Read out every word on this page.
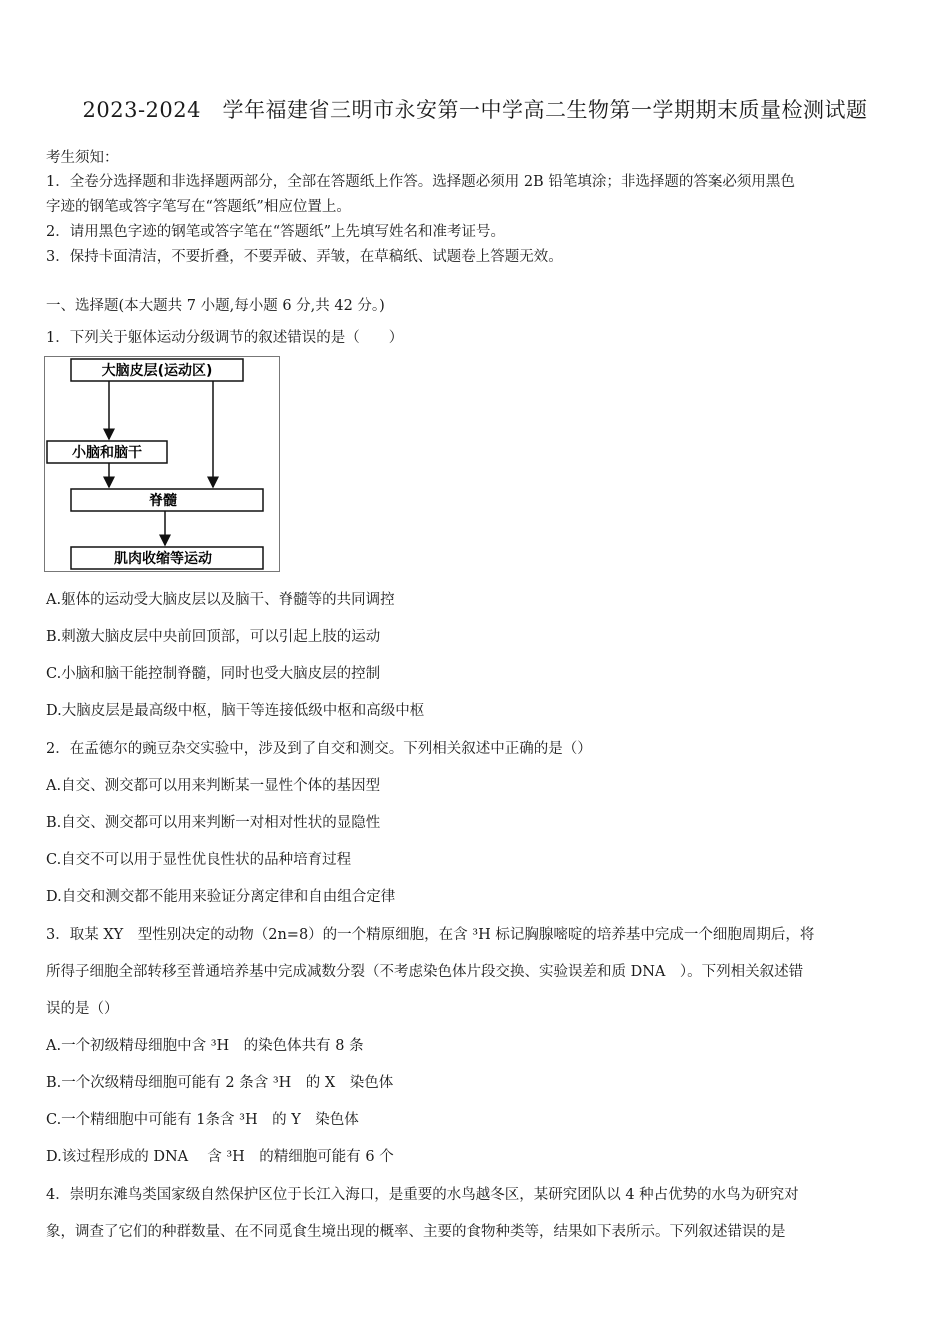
2023-2024　学年福建省三明市永安第一中学高二生物第一学期期末质量检测试题
考生须知：
1．全卷分选择题和非选择题两部分，全部在答题纸上作答。选择题必须用 2B 铅笔填涂；非选择题的答案必须用黑色
字迹的钢笔或答字笔写在“答题纸”相应位置上。
2．请用黑色字迹的钢笔或答字笔在“答题纸”上先填写姓名和准考证号。
3．保持卡面清洁，不要折叠，不要弄破、弄皱，在草稿纸、试题卷上答题无效。
一、选择题(本大题共 7 小题,每小题 6 分,共 42 分。)
1．下列关于躯体运动分级调节的叙述错误的是（　　）
大脑皮层(运动区)
小脑和脑干
脊髓
肌肉收缩等运动
A.躯体的运动受大脑皮层以及脑干、脊髓等的共同调控
B.刺激大脑皮层中央前回顶部，可以引起上肢的运动
C.小脑和脑干能控制脊髓，同时也受大脑皮层的控制
D.大脑皮层是最高级中枢，脑干等连接低级中枢和高级中枢
2．在孟德尔的豌豆杂交实验中，涉及到了自交和测交。下列相关叙述中正确的是（）
A.自交、测交都可以用来判断某一显性个体的基因型
B.自交、测交都可以用来判断一对相对性状的显隐性
C.自交不可以用于显性优良性状的品种培育过程
D.自交和测交都不能用来验证分离定律和自由组合定律
3．取某 XY　型性别决定的动物（2n=8）的一个精原细胞，在含 ³H 标记胸腺嘧啶的培养基中完成一个细胞周期后，将
所得子细胞全部转移至普通培养基中完成减数分裂（不考虑染色体片段交换、实验误差和质 DNA　）。下列相关叙述错
误的是（）
A.一个初级精母细胞中含 ³H　的染色体共有 8 条
B.一个次级精母细胞可能有 2 条含 ³H　的 X　染色体
C.一个精细胞中可能有 1条含 ³H　的 Y　染色体
D.该过程形成的 DNA　 含 ³H　的精细胞可能有 6 个
4．崇明东滩鸟类国家级自然保护区位于长江入海口，是重要的水鸟越冬区，某研究团队以 4 种占优势的水鸟为研究对
象，调查了它们的种群数量、在不同觅食生境出现的概率、主要的食物种类等，结果如下表所示。下列叙述错误的是
